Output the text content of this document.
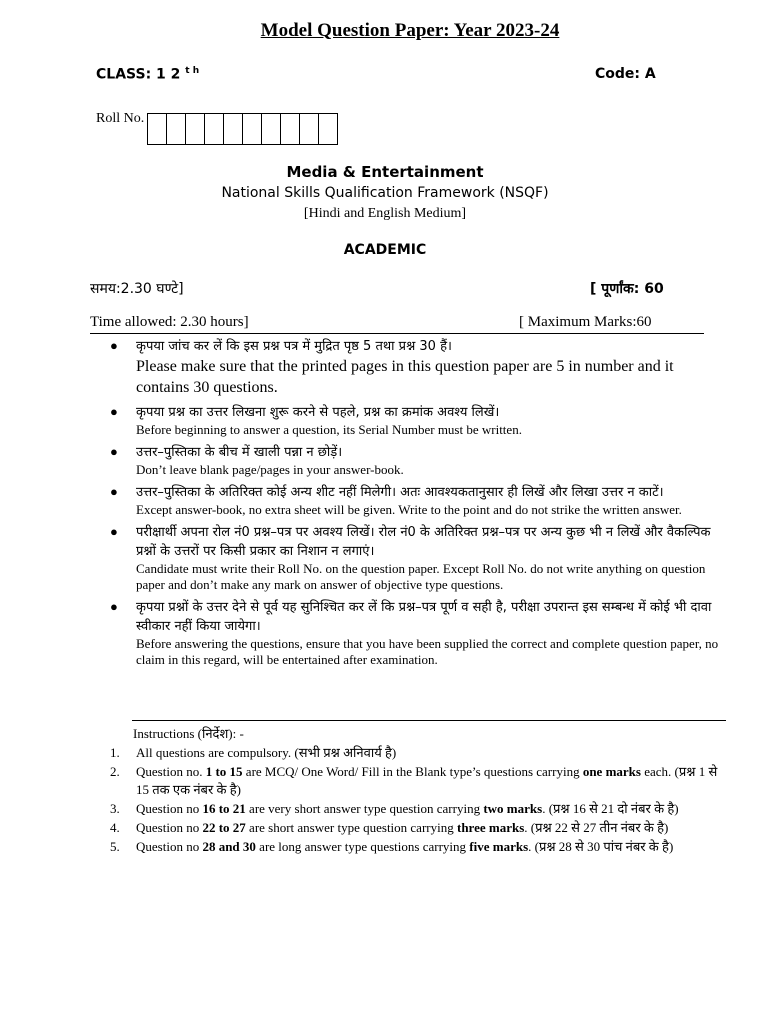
Model Question Paper: Year 2023-24
CLASS: 1 2 $^{t h}$	Code: A
Roll No.
Media & Entertainment
National Skills Qualification Framework (NSQF)
[Hindi and English Medium]
ACADEMIC
समय:2.30 घण्टे]	[ पूर्णांक: 60
Time allowed: 2.30 hours]	[ Maximum Marks:60
● कृपया जांच कर लें कि इस प्रश्न पत्र में मुद्रित पृष्ठ 5 तथा प्रश्न 30 हैं।
Please make sure that the printed pages in this question paper are 5 in number and it contains 30 questions.
● कृपया प्रश्न का उत्तर लिखना शुरू करने से पहले, प्रश्न का क्रमांक अवश्य लिखें।
Before beginning to answer a question, its Serial Number must be written.
● उत्तर–पुस्तिका के बीच में खाली पन्ना न छोड़ें।
Don’t leave blank page/pages in your answer-book.
● उत्तर–पुस्तिका के अतिरिक्त कोई अन्य शीट नहीं मिलेगी। अतः आवश्यकतानुसार ही लिखें और लिखा उत्तर न काटें।
Except answer-book, no extra sheet will be given. Write to the point and do not strike the written answer.
● परीक्षार्थी अपना रोल नं0 प्रश्न–पत्र पर अवश्य लिखें। रोल नं0 के अतिरिक्त प्रश्न–पत्र पर अन्य कुछ भी न लिखें और वैकल्पिक प्रश्नों के उत्तरों पर किसी प्रकार का निशान न लगाएं।
Candidate must write their Roll No. on the question paper. Except Roll No. do not write anything on question paper and don’t make any mark on answer of objective type questions.
● कृपया प्रश्नों के उत्तर देने से पूर्व यह सुनिश्चित कर लें कि प्रश्न–पत्र पूर्ण व सही है, परीक्षा उपरान्त इस सम्बन्ध में कोई भी दावा स्वीकार नहीं किया जायेगा।
Before answering the questions, ensure that you have been supplied the correct and complete question paper, no claim in this regard, will be entertained after examination.
Instructions (निर्देश): -
1. All questions are compulsory. (सभी प्रश्न अनिवार्य है)
2. Question no. 1 to 15 are MCQ/ One Word/ Fill in the Blank type’s questions carrying one marks each. (प्रश्न 1 से 15 तक एक नंबर के है)
3. Question no 16 to 21 are very short answer type question carrying two marks. (प्रश्न 16 से 21 दो नंबर के है)
4. Question no 22 to 27 are short answer type question carrying three marks. (प्रश्न 22 से 27 तीन नंबर के है)
5. Question no 28 and 30 are long answer type questions carrying five marks. (प्रश्न 28 से 30 पांच नंबर के है)
